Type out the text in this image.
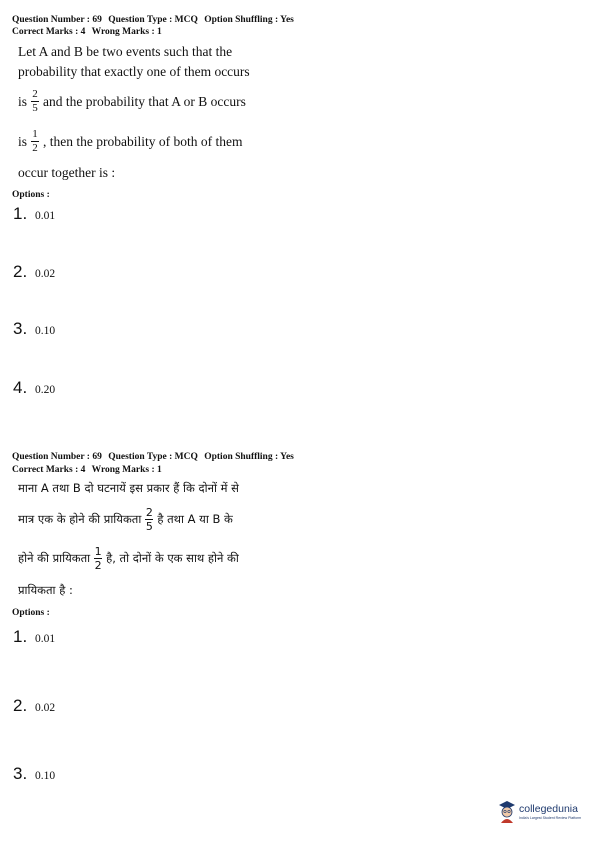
Question Number : 69 Question Type : MCQ Option Shuffling : Yes
Correct Marks : 4 Wrong Marks : 1
Let A and B be two events such that the
probability that exactly one of them occurs
is $\frac{2}{5}$ and the probability that A or B occurs
is $\frac{1}{2}$ , then the probability of both of them
occur together is :
Options :
1. 0.01
2. 0.02
3. 0.10
4. 0.20
Question Number : 69 Question Type : MCQ Option Shuffling : Yes
Correct Marks : 4 Wrong Marks : 1
माना A तथा B दो घटनायें इस प्रकार हैं कि दोनों में से
मात्र एक के होने की प्रायिकता $\frac{2}{5}$ है तथा A या B के
होने की प्रायिकता $\frac{1}{2}$ है, तो दोनों के एक साथ होने की
प्रायिकता है :
Options :
1. 0.01
2. 0.02
3. 0.10
collegedunia
India's Largest Student Review Platform
